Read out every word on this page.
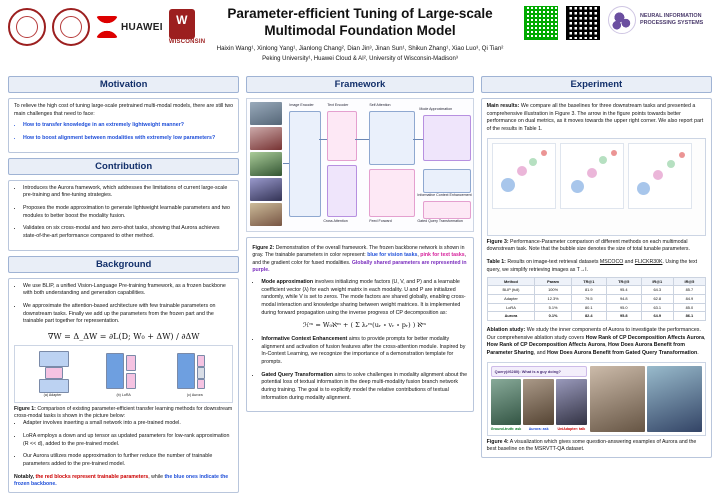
HUAWEI
W
WISCONSIN
Parameter-efficient Tuning of Large-scale
Multimodal Foundation Model
Haixin Wang¹, Xinlong Yang¹, Jianlong Chang², Dian Jin³, Jinan Sun¹, Shikun Zhang¹, Xiao Luo³, Qi Tian²
Peking University¹, Huawei Cloud & AI², University of Wisconsin-Madison³
NEURAL INFORMATION PROCESSING SYSTEMS
Motivation

To relieve the high cost of tuning large-scale pretrained multi-modal models, there are still two main challenges that need to face:

• How to transfer knowledge in an extremely lightweight manner?
• How to boost alignment between modalities with extremely low parameters?
Contribution
• Introduces the Aurora framework, which addresses the limitations of current large-scale pre-training and fine-tuning strategies.
• Proposes the mode approximation to generate lightweight learnable parameters and two modules to better boost the modality fusion.
• Validates on six cross-modal and two zero-shot tasks, showing that Aurora achieves state-of-the-art performance compared to other method.
Background
• We use BLIP, a unified Vision-Language Pre-training framework, as a frozen backbone with both understanding and generation capabilities.
• We approximate the attention-based architecture with few trainable parameters on downstream tasks. Finally we add up the parameters from the frozen part and the trainable part together for representation.
∇W = Δ_ΔW = ∂L(D; W₀ + ΔW) / ∂ΔW
(a) Adapter	(b) LoRA	(c) Aurora
Figure 1: Comparison of existing parameter-efficient transfer learning methods for downstream cross-modal tasks is shown in the picture below:
• Adapter involves inserting a small network into a pre-trained model.
• LoRA employs a down and up tensor as updated parameters for low-rank approximation (R << d), added to the pre-trained model.
• Our Aurora utilizes mode approximation to further reduce the number of trainable parameters added to the pre-trained model.
Notably, the red blocks represent trainable parameters, while the blue ones indicate the frozen backbone.
Framework
Image Encoder	Text Encoder
Cross Attention
Self Attention
Feed Forward
Mode Approximation
Informative Context Enhancement
Gated Query Transformation
Figure 2: Demonstration of the overall framework. The frozen backbone network is shown in gray. The trainable parameters in color represent: blue for vision tasks, pink for text tasks, and the gradient color for fused modalities. Globally shared parameters are represented in purple.
• Mode approximation involves initializing mode factors (U, V, and P) and a learnable coefficient vector (λ) for each weight matrix in each modality. U and P are initialized randomly, while V is set to zeros. The mode factors are shared globally, enabling cross-modal interaction and knowledge sharing between weight matrices. It is implemented during forward propagation using the inverse progress of CP decomposition as:
ℋᵐ = W₀ℵᵐ + ( Σ λᵣᵐ(uᵣ ∘ vᵣ ∘ pᵣ) ) ℵᵐ
• Informative Context Enhancement aims to provide prompts for better modality alignment and activation of fusion features after the cross-attention module. Inspired by In-Context Learning, we recognize the importance of a demonstration template for prompts.
• Gated Query Transformation aims to solve challenges in modality alignment about the potential loss of textual information in the deep multi-modality fusion branch network during training. The goal is to explicitly model the relative contributions of textual information during modality alignment.
Experiment

Main results: We compare all the baselines for three downstream tasks and presented a comprehensive illustration in Figure 3. The arrow in the figure points towards better performance on dual metrics, as it moves towards the upper right corner. We also report part of the results in Table 1.

Figure 3: Performance-Parameter comparison of different methods on each multimodal downstream task. Note that the bubble size denotes the size of total tunable parameters.
Table 1: Results on image-text retrieval datasets MSCOCO and FLICKR30K. Using the text query, we simplify retrieving images as T→I.
Method	Param	TR@1	TR@5	IR@1	IR@5
BLIP (full)	100%	81.9	95.4	64.3	85.7
Adapter	12.3%	79.5	94.8	62.8	84.9
LoRA	5.1%	80.1	95.0	63.1	85.0
Aurora	0.1%	82.4	95.8	64.9	86.1

Ablation study: We study the inner components of Aurora to investigate the performances. Our comprehensive ablation study covers How Rank of CP Decomposition Affects Aurora, How Rank of CP Decomposition Affects Aurora, How Does Aurora Benefit from Parameter Sharing, and How Does Aurora Benefit from Gated Query Transformation.

Query(#6280): What is a guy doing?
Ground-truth: ask	Aurora: ask	UniAdapter: talk
Figure 4: A visualization which gives some question-answering examples of Aurora and the best baseline on the MSRVTT-QA dataset.
